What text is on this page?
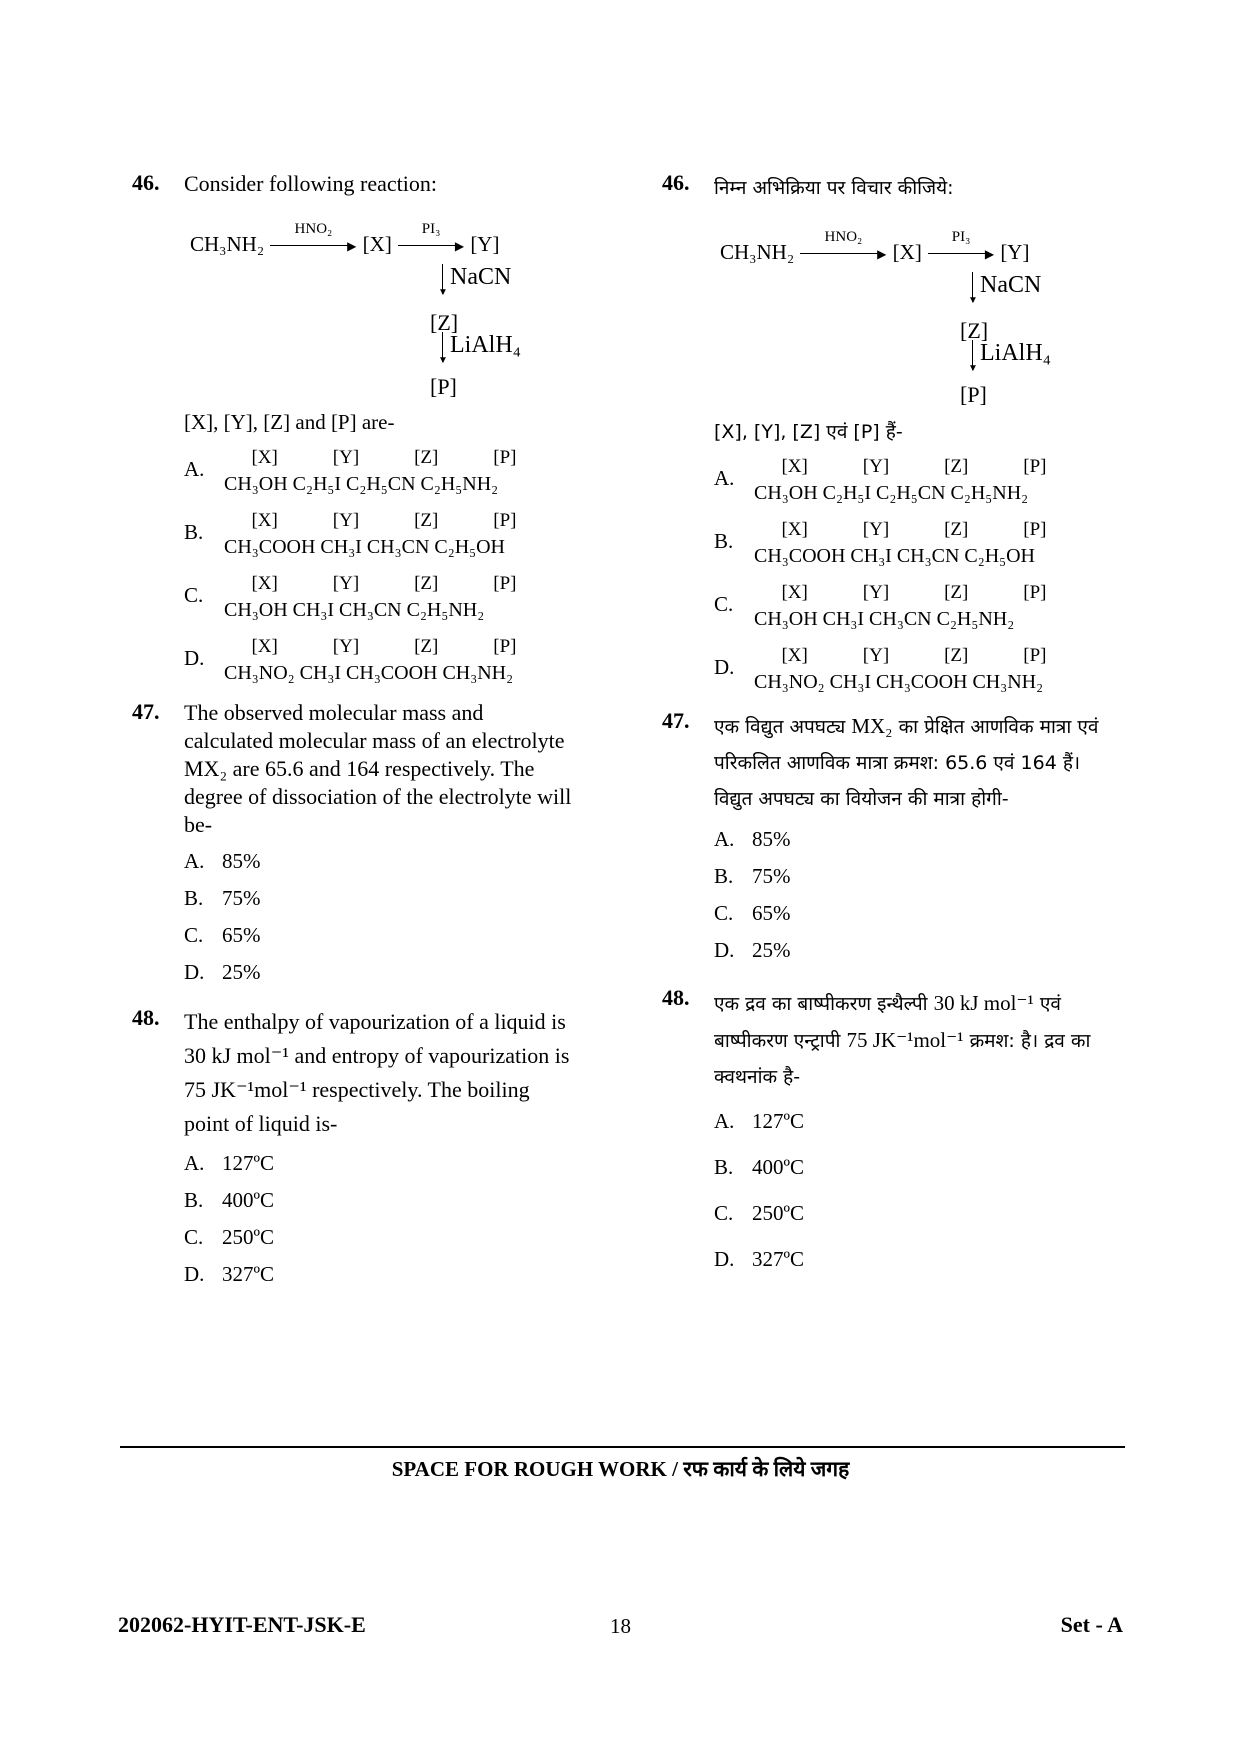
46. Consider following reaction:
CH₃NH₂
HNO₂
▶ [X]
PI₃
▶ [Y]
▼
NaCN
[Z]
▼
LiAlH₄
[P]
[X], [Y], [Z] and [P] are-
A. [X]	[Y]	[Z]	[P]
CH₃OH C₂H₅I C₂H₅CN C₂H₅NH₂
B.	[X]	[Y]	[Z]	[P]
CH₃COOH CH₃I CH₃CN C₂H₅OH
C.	[X]	[Y]	[Z]	[P]
CH₃OH CH₃I CH₃CN C₂H₅NH₂
D. [X]	[Y]	[Z]	[P]
CH₃NO₂ CH₃I CH₃COOH CH₃NH₂
47. The observed molecular mass and calculated molecular mass of an electrolyte MX₂ are 65.6 and 164 respectively. The degree of dissociation of the electrolyte will be-
A. 85%
B. 75%
C. 65%
D. 25%
48. The enthalpy of vapourization of a liquid is 30 kJ mol⁻¹ and entropy of vapourization is 75 JK⁻¹mol⁻¹ respectively. The boiling point of liquid is-
A. 127ºC
B. 400ºC
C. 250ºC
D. 327ºC
46. निम्न अभिक्रिया पर विचार कीजिये:
CH₃NH₂
HNO₂
▶ [X]
PI₃
▶ [Y]
▼
NaCN
[Z]
▼
LiAlH₄
[P]
[X], [Y], [Z] एवं [P] हैं-
A. [X]	[Y]	[Z]	[P]
CH₃OH C₂H₅I C₂H₅CN C₂H₅NH₂
B.	[X]	[Y]	[Z]	[P]
CH₃COOH CH₃I CH₃CN C₂H₅OH
C.	[X]	[Y]	[Z]	[P]
CH₃OH CH₃I CH₃CN C₂H₅NH₂
D. [X]	[Y]	[Z]	[P]
CH₃NO₂ CH₃I CH₃COOH CH₃NH₂
47. एक विद्युत अपघट्य MX₂ का प्रेक्षित आणविक मात्रा एवं परिकलित आणविक मात्रा क्रमश: 65.6 एवं 164 हैं। विद्युत अपघट्य का वियोजन की मात्रा होगी-
A. 85%
B. 75%
C. 65%
D. 25%
48. एक द्रव का बाष्पीकरण इन्थैल्पी 30 kJ mol⁻¹ एवं बाष्पीकरण एन्ट्रापी 75 JK⁻¹mol⁻¹ क्रमश: है। द्रव का क्वथनांक है-
A. 127ºC
B. 400ºC
C. 250ºC
D. 327ºC
SPACE FOR ROUGH WORK / रफ कार्य के लिये जगह
202062-HYIT-ENT-JSK-E	18	Set - A
